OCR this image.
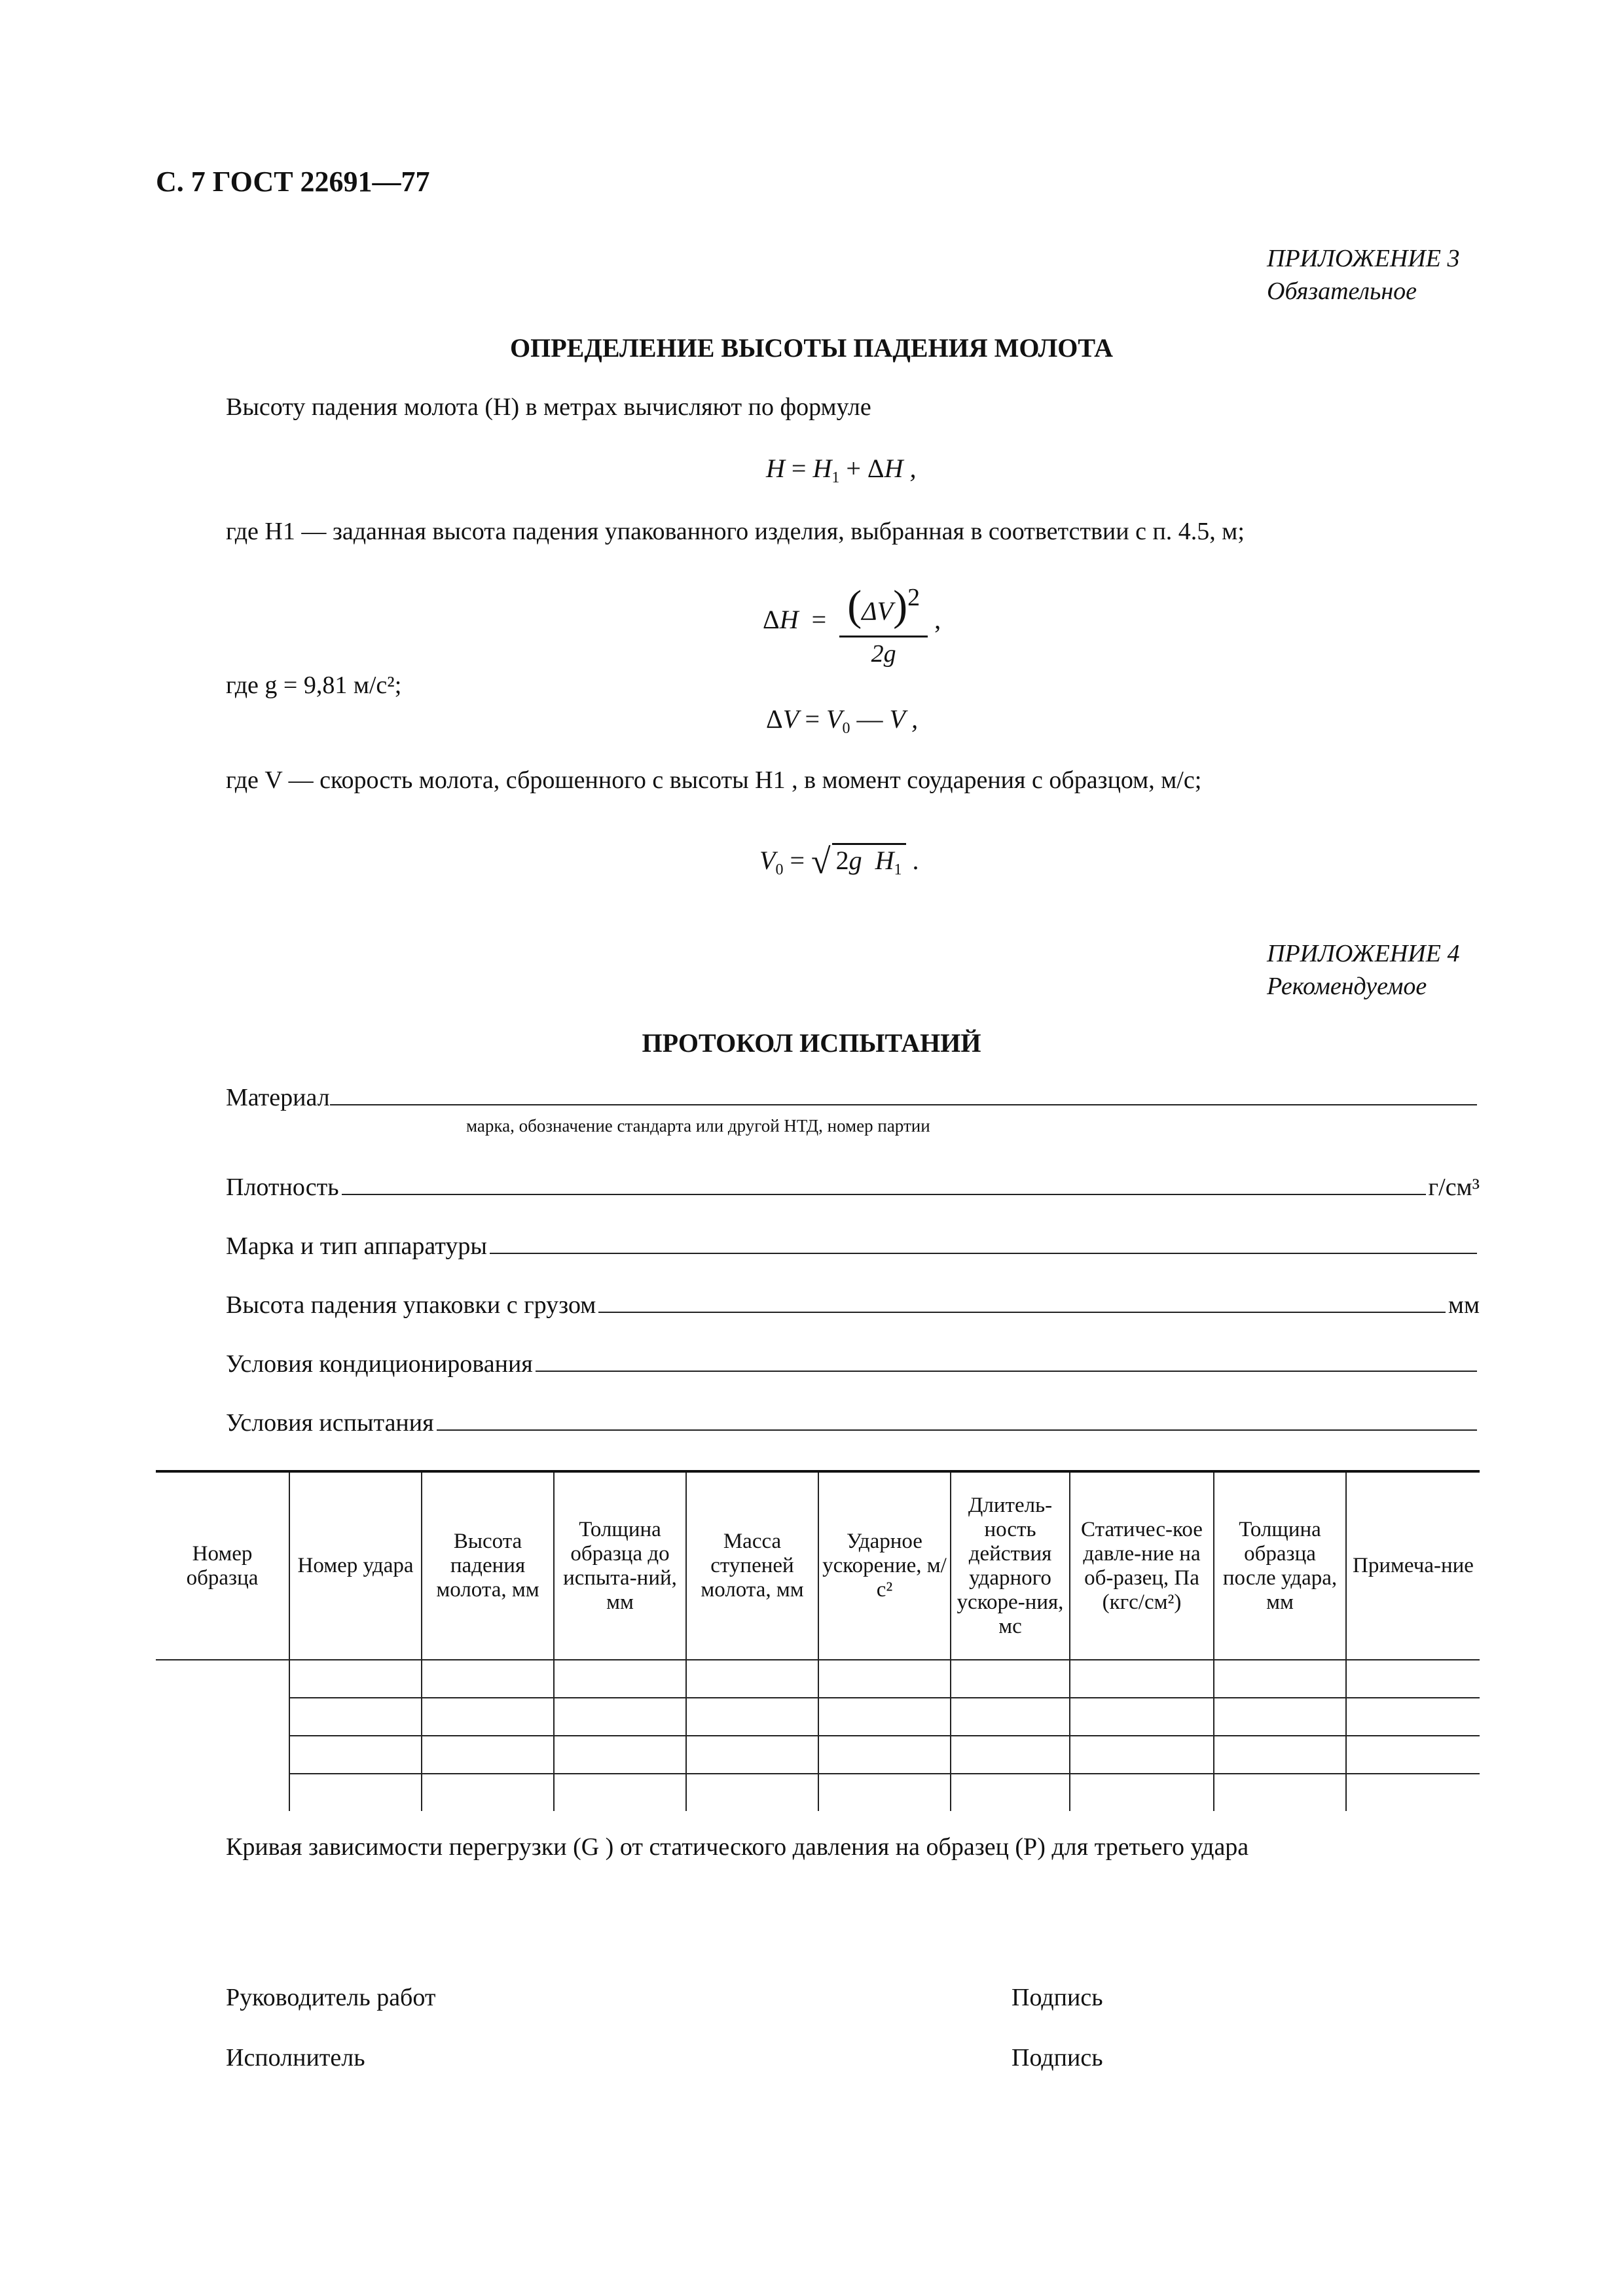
С. 7 ГОСТ 22691—77
ПРИЛОЖЕНИЕ 3
Обязательное
ОПРЕДЕЛЕНИЕ ВЫСОТЫ ПАДЕНИЯ МОЛОТА
Высоту падения молота (H) в метрах вычисляют по формуле
$H = H_1 + \Delta H$ ,
где H1 — заданная высота падения упакованного изделия, выбранная в соответствии с п. 4.5, м;
$\Delta H = \frac{(\Delta V)^2}{2g}$ ,
где g = 9,81 м/с²;
$\Delta V = V_0$ — V ,
где V — скорость молота, сброшенного с высоты H1 , в момент соударения с образцом, м/с;
$V_0$ = √ 2g  $H_1$ .
ПРИЛОЖЕНИЕ 4
Рекомендуемое
ПРОТОКОЛ ИСПЫТАНИЙ
Материал
марка, обозначение стандарта или другой НТД, номер партии
Плотность	г/см³
Марка и тип аппаратуры
Высота падения упаковки с грузом	мм
Условия кондиционирования
Условия испытания
Номер образца	Номер удара	Высота падения молота, мм	Толщина образца до испыта-ний, мм	Масса ступеней молота, мм	Ударное ускорение, м/с²	Длитель-ность действия ударного ускоре-ния, мс	Статичес-кое давле-ние на об-разец, Па (кгс/см²)	Толщина образца после удара, мм	Примеча-ние

Кривая зависимости перегрузки (G ) от статического давления на образец (P) для третьего удара
Руководитель работ	Подпись
Исполнитель	Подпись
